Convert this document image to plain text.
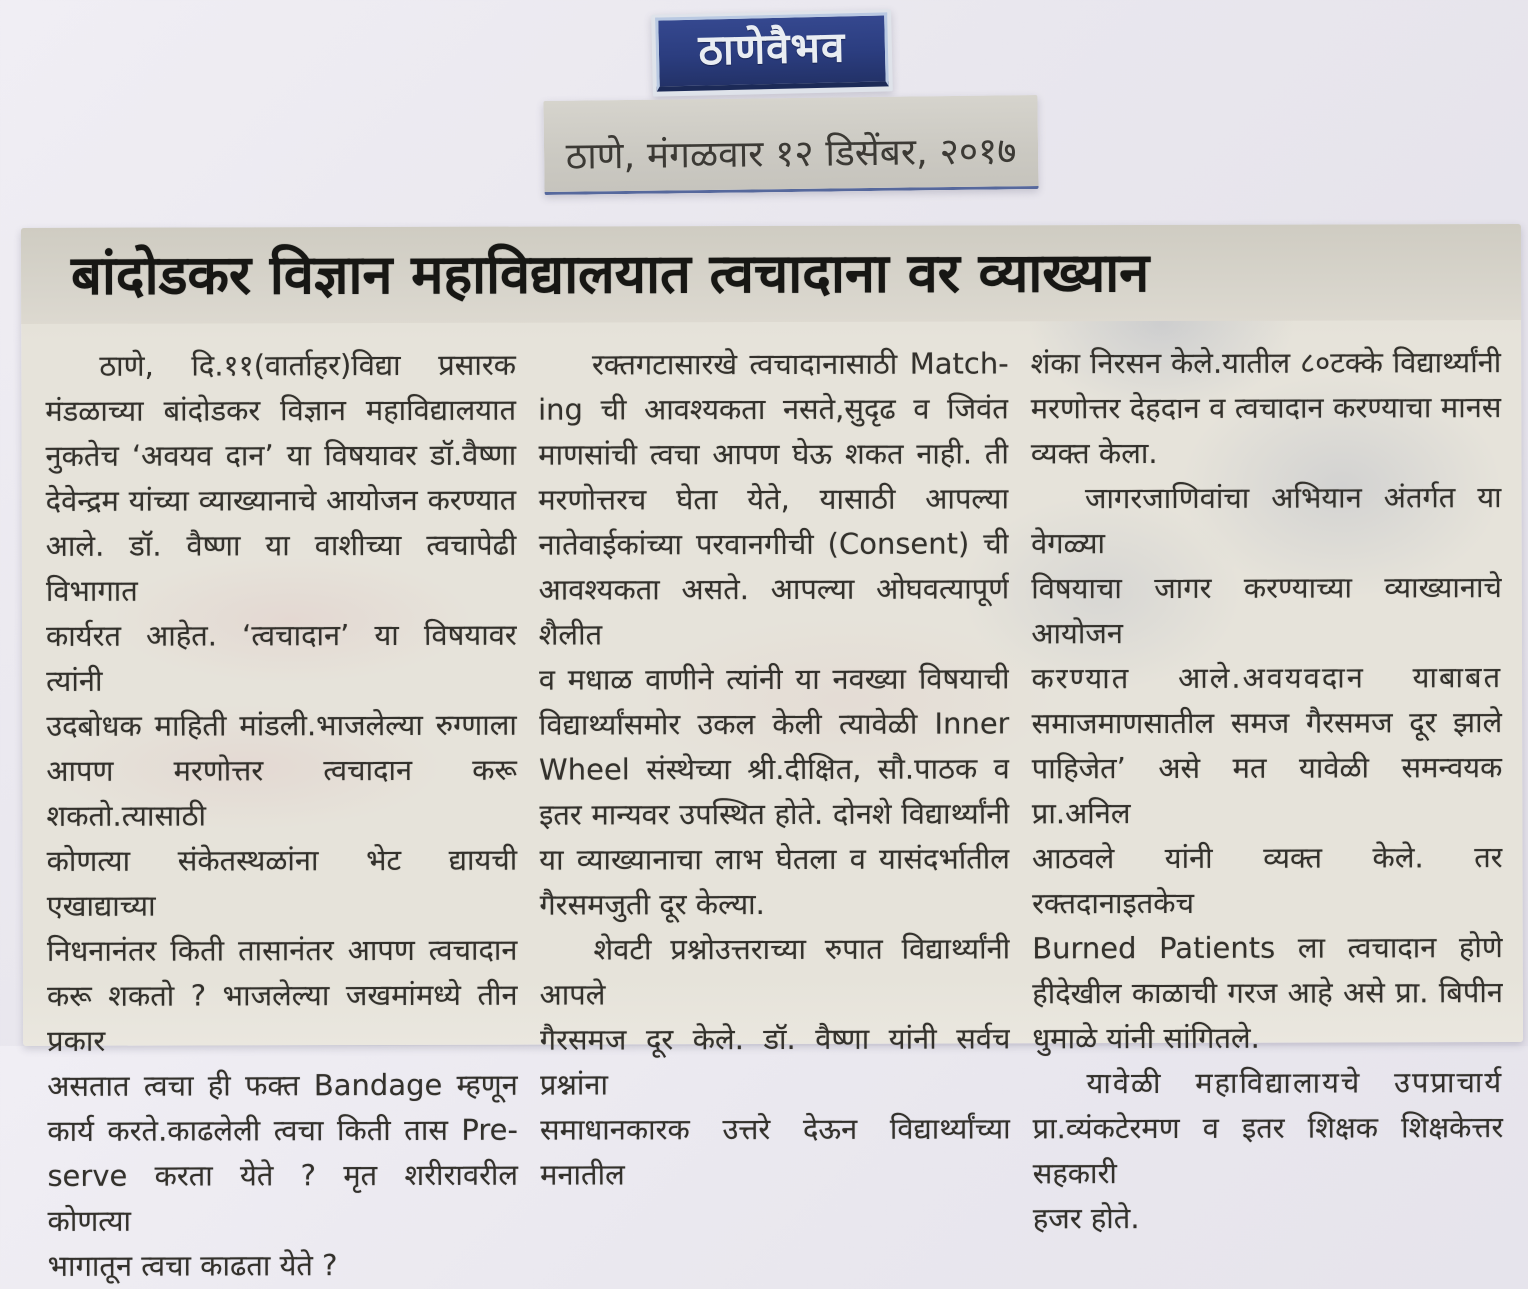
ठाणेवैभव
ठाणे, मंगळवार १२ डिसेंबर, २०१७
बांदोडकर विज्ञान महाविद्यालयात त्वचादाना वर व्याख्यान
ठाणे, दि.११(वार्ताहर)विद्या प्रसारक
मंडळाच्या बांदोडकर विज्ञान महाविद्यालयात
नुकतेच ‘अवयव दान’ या विषयावर डॉ.वैष्णा
देवेन्द्रम यांच्या व्याख्यानाचे आयोजन करण्यात
आले. डॉ. वैष्णा या वाशीच्या त्वचापेढी विभागात
कार्यरत आहेत. ‘त्वचादान’ या विषयावर त्यांनी
उदबोधक माहिती मांडली.भाजलेल्या रुग्णाला
आपण मरणोत्तर त्वचादान करू शकतो.त्यासाठी
कोणत्या संकेतस्थळांना भेट द्यायची एखाद्याच्या
निधनानंतर किती तासानंतर आपण त्वचादान
करू शकतो ? भाजलेल्या जखमांमध्ये तीन प्रकार
असतात त्वचा ही फक्त Bandage म्हणून
कार्य करते.काढलेली त्वचा किती तास Pre-
serve करता येते ? मृत शरीरावरील कोणत्या
भागातून त्वचा काढता येते ?
रक्तगटासारखे त्वचादानासाठी Match-
ing ची आवश्यकता नसते,सुदृढ व जिवंत
माणसांची त्वचा आपण घेऊ शकत नाही. ती
मरणोत्तरच घेता येते, यासाठी आपल्या
नातेवाईकांच्या परवानगीची (Consent) ची
आवश्यकता असते. आपल्या ओघवत्यापूर्ण शैलीत
व मधाळ वाणीने त्यांनी या नवख्या विषयाची
विद्यार्थ्यांसमोर उकल केली त्यावेळी Inner
Wheel संस्थेच्या श्री.दीक्षित, सौ.पाठक व
इतर मान्यवर उपस्थित होते. दोनशे विद्यार्थ्यांनी
या व्याख्यानाचा लाभ घेतला व यासंदर्भातील
गैरसमजुती दूर केल्या.
शेवटी प्रश्नोउत्तराच्या रुपात विद्यार्थ्यांनी आपले
गैरसमज दूर केले. डॉ. वैष्णा यांनी सर्वच प्रश्नांना
समाधानकारक उत्तरे देऊन विद्यार्थ्यांच्या मनातील
शंका निरसन केले.यातील ८०टक्के विद्यार्थ्यांनी
मरणोत्तर देहदान व त्वचादान करण्याचा मानस
व्यक्त केला.
जागरजाणिवांचा अभियान अंतर्गत या वेगळ्या
विषयाचा जागर करण्याच्या व्याख्यानाचे आयोजन
करण्यात आले.अवयवदान याबाबत
समाजमाणसातील समज गैरसमज दूर झाले
पाहिजेत’ असे मत यावेळी समन्वयक प्रा.अनिल
आठवले यांनी व्यक्त केले. तर रक्तदानाइतकेच
Burned Patients ला त्वचादान होणे
हीदेखील काळाची गरज आहे असे प्रा. बिपीन
धुमाळे यांनी सांगितले.
यावेळी महाविद्यालायचे उपप्राचार्य
प्रा.व्यंकटेरमण व इतर शिक्षक शिक्षकेत्तर सहकारी
हजर होते.
